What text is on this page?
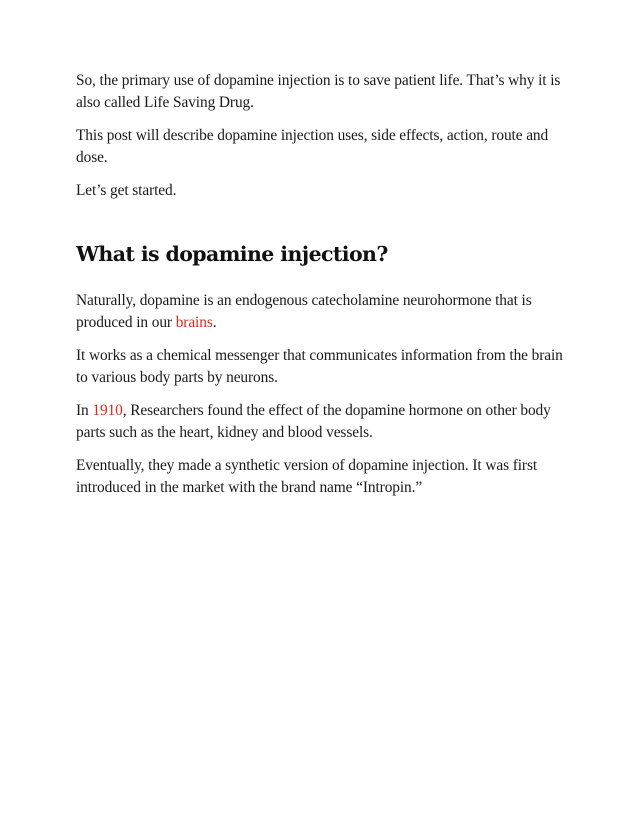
So, the primary use of dopamine injection is to save patient life. That’s why it is also called Life Saving Drug.

This post will describe dopamine injection uses, side effects, action, route and dose.

Let’s get started.

What is dopamine injection?

Naturally, dopamine is an endogenous catecholamine neurohormone that is produced in our brains.

It works as a chemical messenger that communicates information from the brain to various body parts by neurons.

In 1910, Researchers found the effect of the dopamine hormone on other body parts such as the heart, kidney and blood vessels.

Eventually, they made a synthetic version of dopamine injection. It was first introduced in the market with the brand name “Intropin.”
